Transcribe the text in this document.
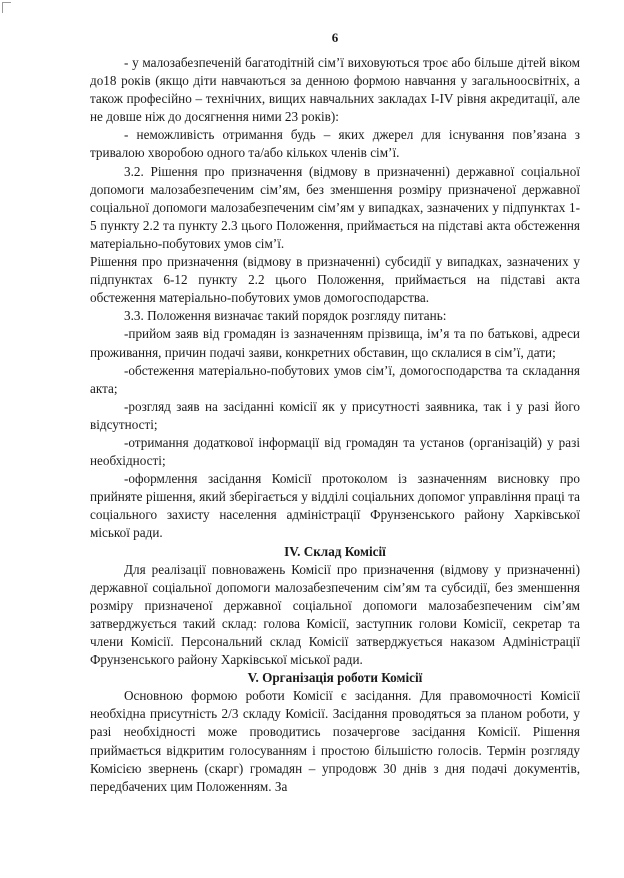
6

- у малозабезпеченій багатодітній сім’ї виховуються троє або більше дітей віком до18 років (якщо діти навчаються за денною формою навчання у загальноосвітніх, а також професійно – технічних, вищих навчальних закладах І-IV рівня акредитації, але не довше ніж до досягнення ними 23 років):

- неможливість отримання будь – яких джерел для існування пов’язана з тривалою хворобою одного та/або кількох членів сім’ї.

3.2. Рішення про призначення (відмову в призначенні) державної соціальної допомоги малозабезпеченим сім’ям, без зменшення розміру призначеної державної соціальної допомоги малозабезпеченим сім’ям у випадках, зазначених у підпунктах 1-5 пункту 2.2 та пункту 2.3 цього Положення, приймається на підставі акта обстеження матеріально-побутових умов сім’ї.

Рішення про призначення (відмову в призначенні) субсидії у випадках, зазначених у підпунктах 6-12 пункту 2.2 цього Положення, приймається на підставі акта обстеження матеріально-побутових умов домогосподарства.

3.3. Положення визначає такий порядок розгляду питань:

-прийом заяв від громадян із зазначенням прізвища, ім’я та по батькові, адреси проживання, причин подачі заяви, конкретних обставин, що склалися в сім’ї, дати;

-обстеження матеріально-побутових умов сім’ї, домогосподарства та складання акта;

-розгляд заяв на засіданні комісії як у присутності заявника, так і у разі його відсутності;

-отримання додаткової інформації від громадян та установ (організацій) у разі необхідності;

-оформлення засідання Комісії протоколом із зазначенням висновку про прийняте рішення, який зберігається у відділі соціальних допомог управління праці та соціального захисту населення адміністрації Фрунзенського району Харківської міської ради.

IV. Склад Комісії

Для реалізації повноважень Комісії про призначення (відмову у призначенні) державної соціальної допомоги малозабезпеченим сім’ям та субсидії, без зменшення розміру призначеної державної соціальної допомоги малозабезпеченим сім’ям затверджується такий склад: голова Комісії, заступник голови Комісії, секретар та члени Комісії. Персональний склад Комісії затверджується наказом Адміністрації Фрунзенського району Харківської міської ради.

V. Організація роботи Комісії

Основною формою роботи Комісії є засідання. Для правомочності Комісії необхідна присутність 2/3 складу Комісії. Засідання проводяться за планом роботи, у разі необхідності може проводитись позачергове засідання Комісії. Рішення приймається відкритим голосуванням і простою більшістю голосів. Термін розгляду Комісією звернень (скарг) громадян – упродовж 30 днів з дня подачі документів, передбачених цим Положенням. За
